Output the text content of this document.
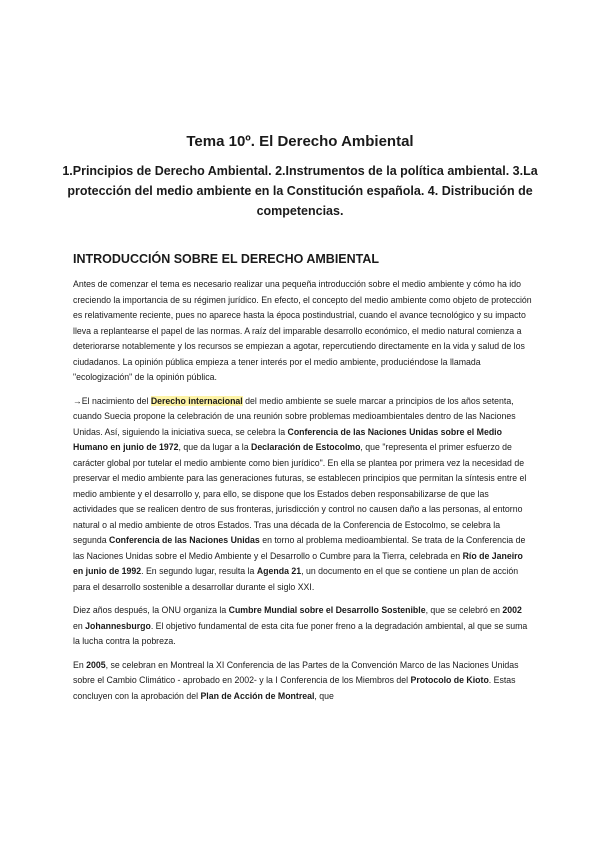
Tema 10º. El Derecho Ambiental
1.Principios de Derecho Ambiental. 2.Instrumentos de la política ambiental. 3.La protección del medio ambiente en la Constitución española. 4. Distribución de competencias.
INTRODUCCIÓN SOBRE EL DERECHO AMBIENTAL

Antes de comenzar el tema es necesario realizar una pequeña introducción sobre el medio ambiente y cómo ha ido creciendo la importancia de su régimen jurídico. En efecto, el concepto del medio ambiente como objeto de protección es relativamente reciente, pues no aparece hasta la época postindustrial, cuando el avance tecnológico y su impacto lleva a replantearse el papel de las normas. A raíz del imparable desarrollo económico, el medio natural comienza a deteriorarse notablemente y los recursos se empiezan a agotar, repercutiendo directamente en la vida y salud de los ciudadanos. La opinión pública empieza a tener interés por el medio ambiente, produciéndose la llamada "ecologización" de la opinión pública.

→El nacimiento del Derecho internacional del medio ambiente se suele marcar a principios de los años setenta, cuando Suecia propone la celebración de una reunión sobre problemas medioambientales dentro de las Naciones Unidas. Así, siguiendo la iniciativa sueca, se celebra la Conferencia de las Naciones Unidas sobre el Medio Humano en junio de 1972, que da lugar a la Declaración de Estocolmo, que "representa el primer esfuerzo de carácter global por tutelar el medio ambiente como bien jurídico". En ella se plantea por primera vez la necesidad de preservar el medio ambiente para las generaciones futuras, se establecen principios que permitan la síntesis entre el medio ambiente y el desarrollo y, para ello, se dispone que los Estados deben responsabilizarse de que las actividades que se realicen dentro de sus fronteras, jurisdicción y control no causen daño a las personas, al entorno natural o al medio ambiente de otros Estados. Tras una década de la Conferencia de Estocolmo, se celebra la segunda Conferencia de las Naciones Unidas en torno al problema medioambiental. Se trata de la Conferencia de las Naciones Unidas sobre el Medio Ambiente y el Desarrollo o Cumbre para la Tierra, celebrada en Río de Janeiro en junio de 1992. En segundo lugar, resulta la Agenda 21, un documento en el que se contiene un plan de acción para el desarrollo sostenible a desarrollar durante el siglo XXI.

Diez años después, la ONU organiza la Cumbre Mundial sobre el Desarrollo Sostenible, que se celebró en 2002 en Johannesburgo. El objetivo fundamental de esta cita fue poner freno a la degradación ambiental, al que se suma la lucha contra la pobreza.

En 2005, se celebran en Montreal la XI Conferencia de las Partes de la Convención Marco de las Naciones Unidas sobre el Cambio Climático - aprobado en 2002- y la I Conferencia de los Miembros del Protocolo de Kioto. Estas concluyen con la aprobación del Plan de Acción de Montreal, que
